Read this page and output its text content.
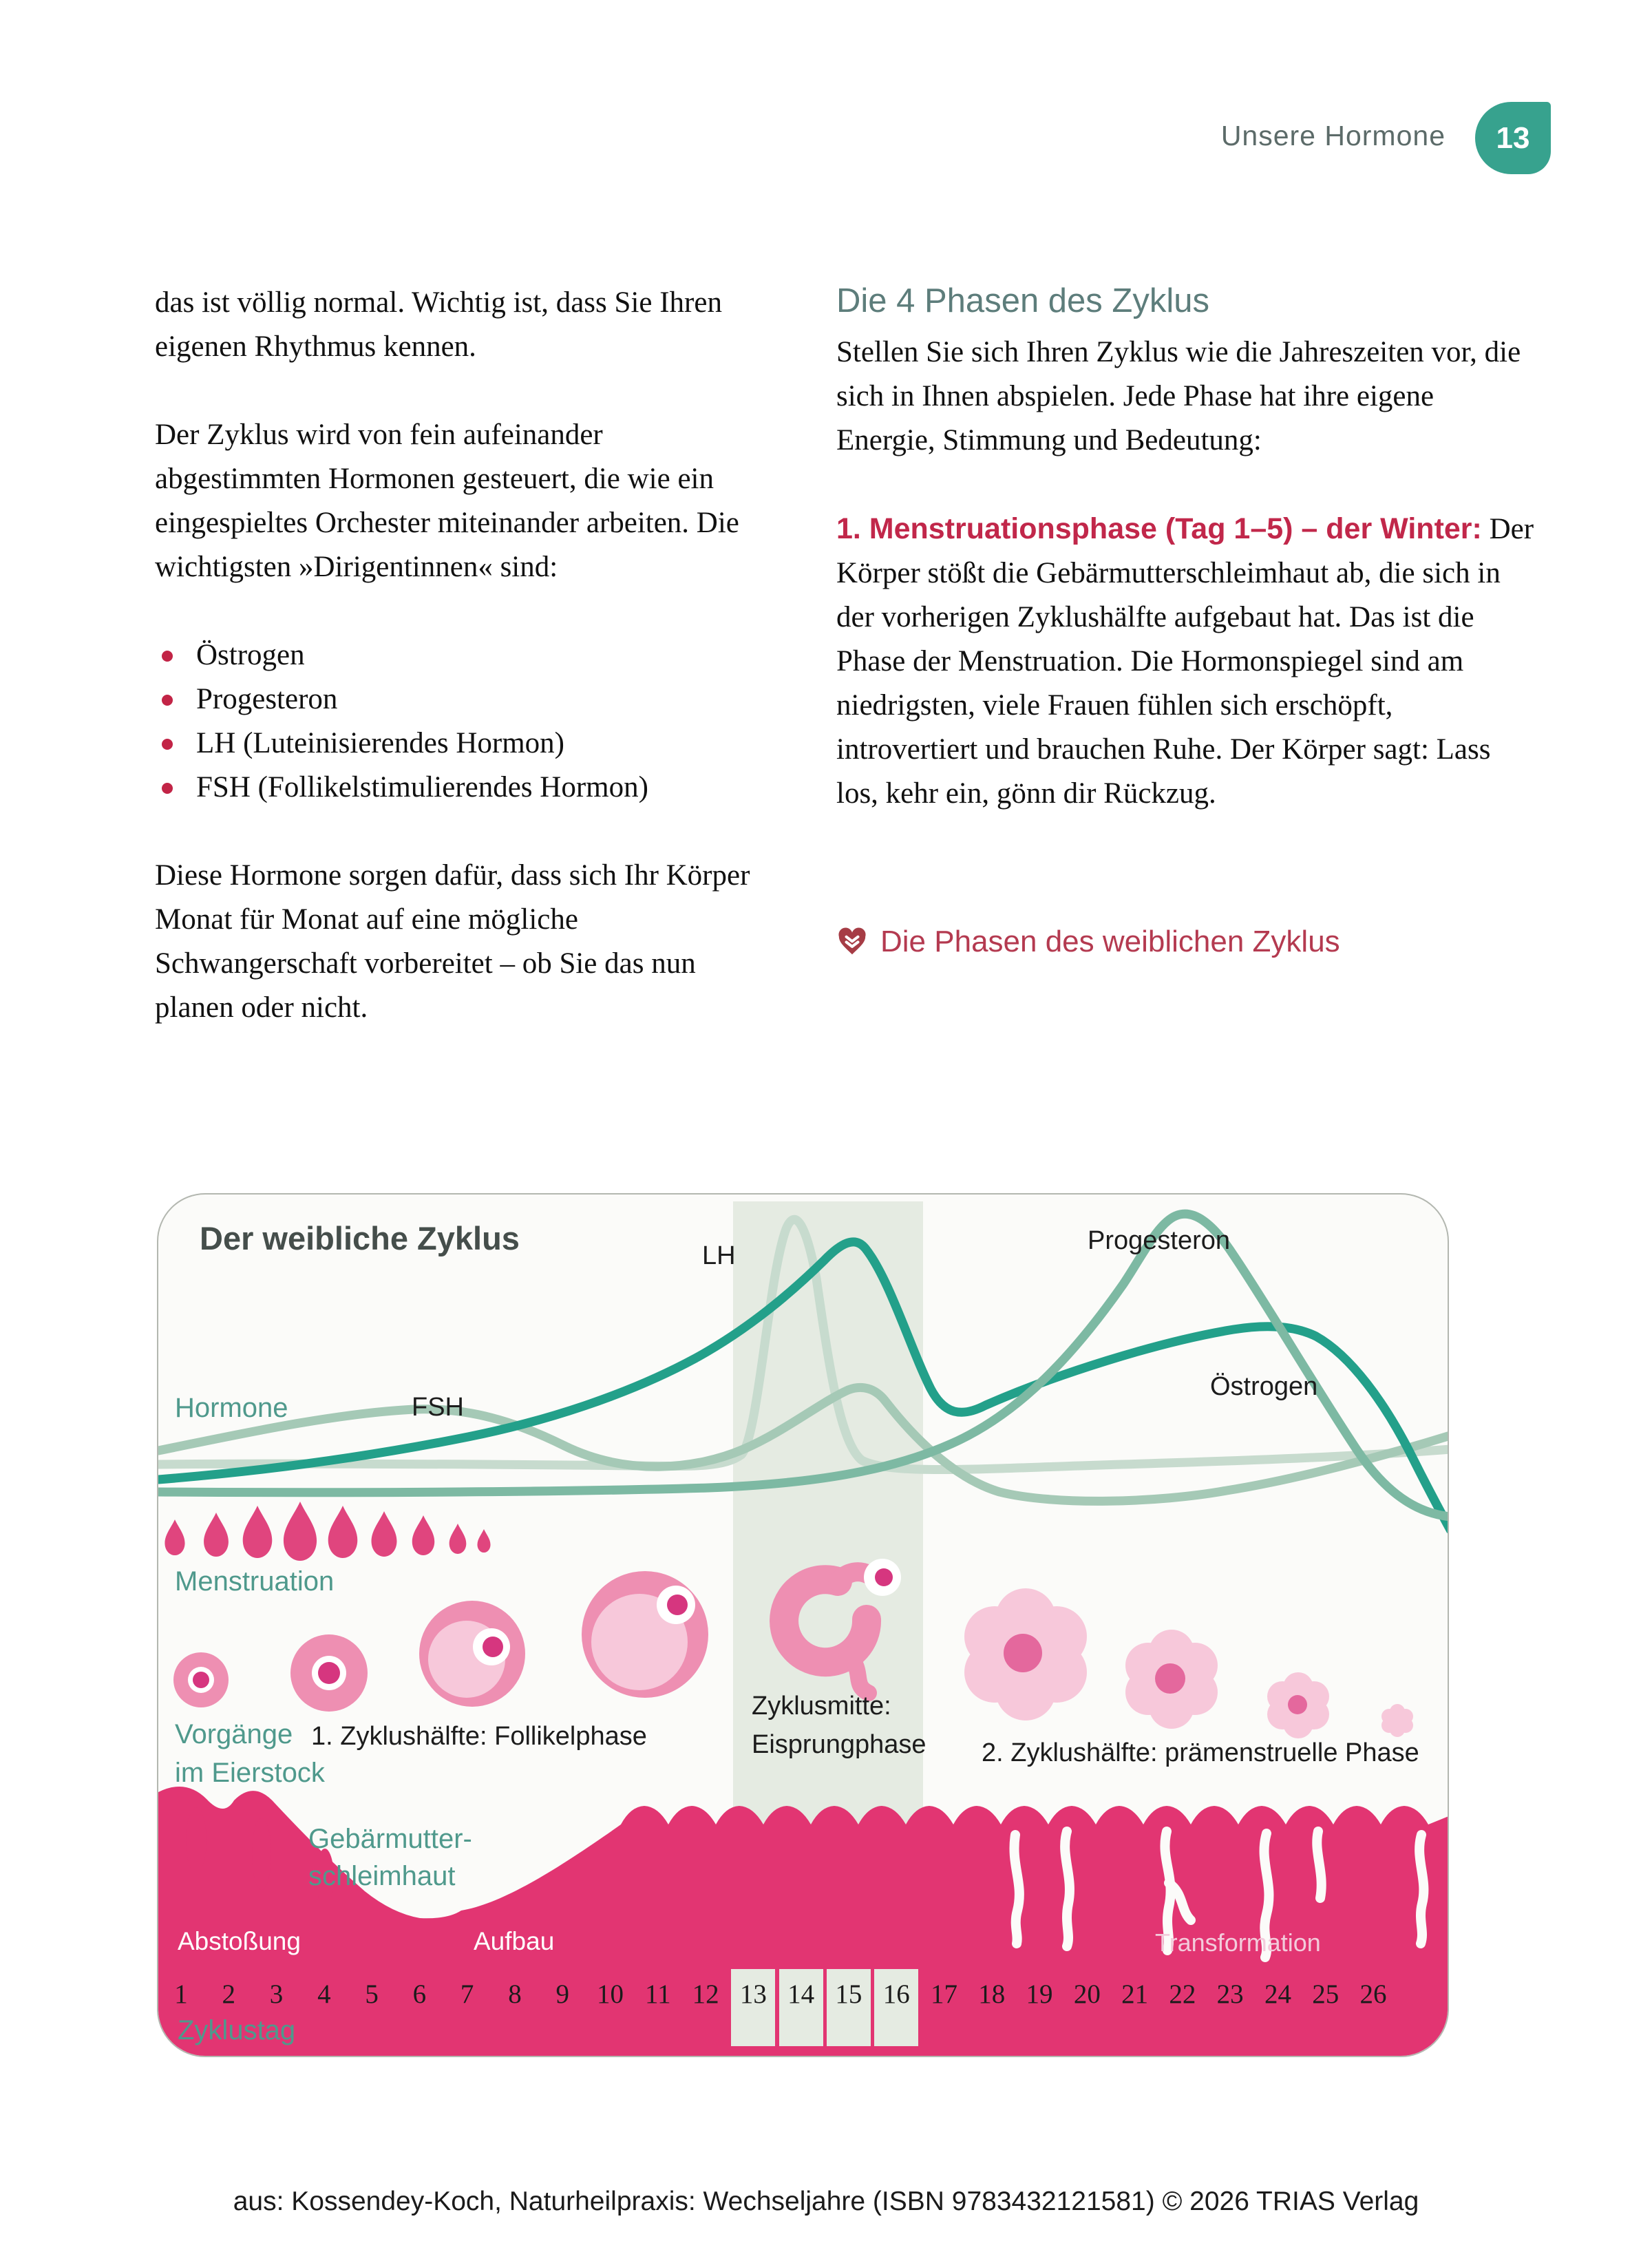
Unsere Hormone 13

das ist völlig normal. Wichtig ist, dass Sie Ihren eigenen Rhythmus kennen.

Der Zyklus wird von fein aufeinander abgestimmten Hormonen gesteuert, die wie ein eingespieltes Orchester miteinander arbeiten. Die wichtigsten »Dirigentinnen« sind:

Östrogen
Progesteron
LH (Luteinisierendes Hormon)
FSH (Follikelstimulierendes Hormon)

Diese Hormone sorgen dafür, dass sich Ihr Körper Monat für Monat auf eine mögliche Schwangerschaft vorbereitet – ob Sie das nun planen oder nicht.

Die 4 Phasen des Zyklus

Stellen Sie sich Ihren Zyklus wie die Jahreszeiten vor, die sich in Ihnen abspielen. Jede Phase hat ihre eigene Energie, Stimmung und Bedeutung:

1. Menstruationsphase (Tag 1–5) – der Winter: Der Körper stößt die Gebärmutterschleimhaut ab, die sich in der vorherigen Zyklushälfte aufgebaut hat. Das ist die Phase der Menstruation. Die Hormonspiegel sind am niedrigsten, viele Frauen fühlen sich erschöpft, introvertiert und brauchen Ruhe. Der Körper sagt: Lass los, kehr ein, gönn dir Rückzug.

Die Phasen des weiblichen Zyklus
Der weibliche Zyklus
Hormone	FSH
LH
Progesteron
Östrogen
Menstruation
Vorgänge
im Eierstock
1. Zyklushälfte: Follikelphase
Zyklusmitte:
Eisprungphase 2. Zyklushälfte: prämenstruelle Phase
Gebärmutter-
schleimhaut
Abstoßung	Aufbau	Transformation
1	2	3	4	5	6	7	8	9	10 11 12 13 14 15 16 17 18 19 20 21 22 23 24 25 26
Zyklustag
aus: Kossendey-Koch, Naturheilpraxis: Wechseljahre (ISBN 9783432121581) © 2026 TRIAS Verlag
